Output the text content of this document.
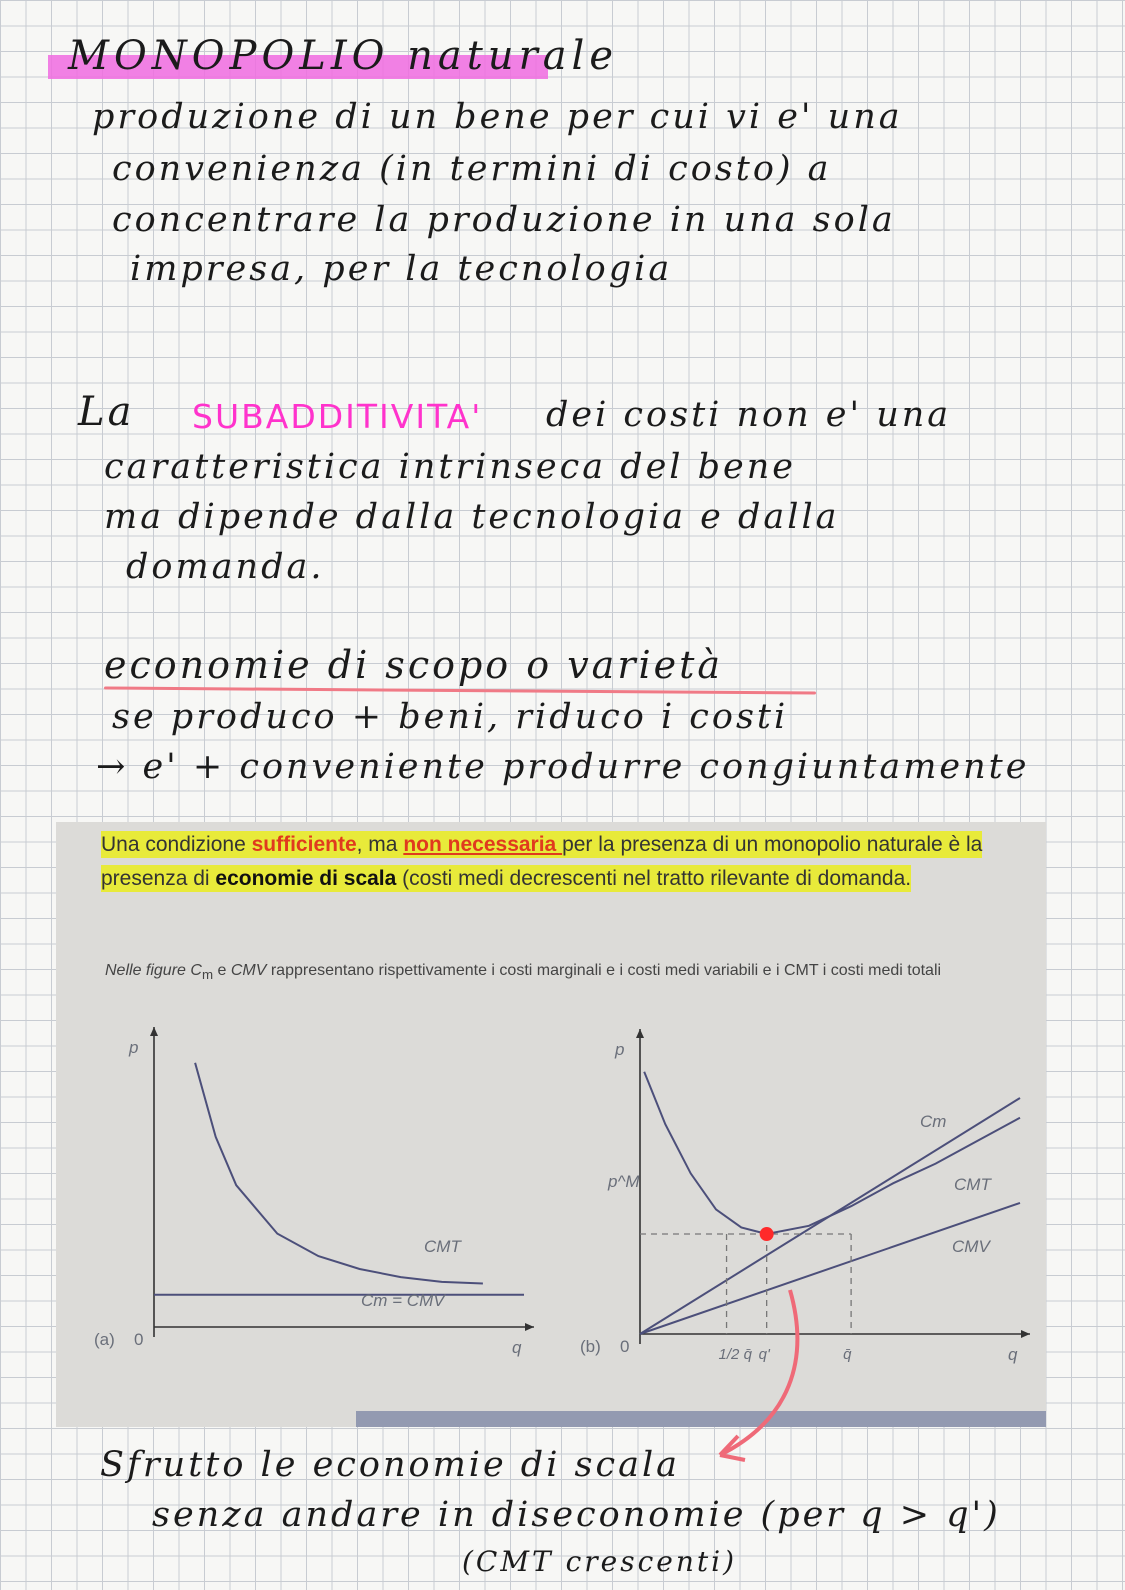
MONOPOLIO naturale
produzione di un bene per cui vi e' una
convenienza (in termini di costo) a
concentrare la produzione in una sola
impresa, per la tecnologia
La SUBADDITIVITA' dei costi non e' una
caratteristica intrinseca del bene
ma dipende dalla tecnologia e dalla
domanda.
economie di scopo o varietà
se produco + beni, riduco i costi
→ e' + conveniente produrre congiuntamente
Una condizione sufficiente, ma non necessaria per la presenza di un monopolio naturale è la presenza di economie di scala (costi medi decrescenti nel tratto rilevante di domanda.
Nelle figure $C_m$ e CMV rappresentano rispettivamente i costi marginali e i costi medi variabili e i CMT i costi medi totali
p
q
0
(a)
p
q
0
(b)
CMT
Cm = CMV
Cm
CMT
CMV
p^M
1/2 q̄ q'	q̄
Sfrutto le economie di scala
senza andare in diseconomie (per q > q')
(CMT crescenti)
